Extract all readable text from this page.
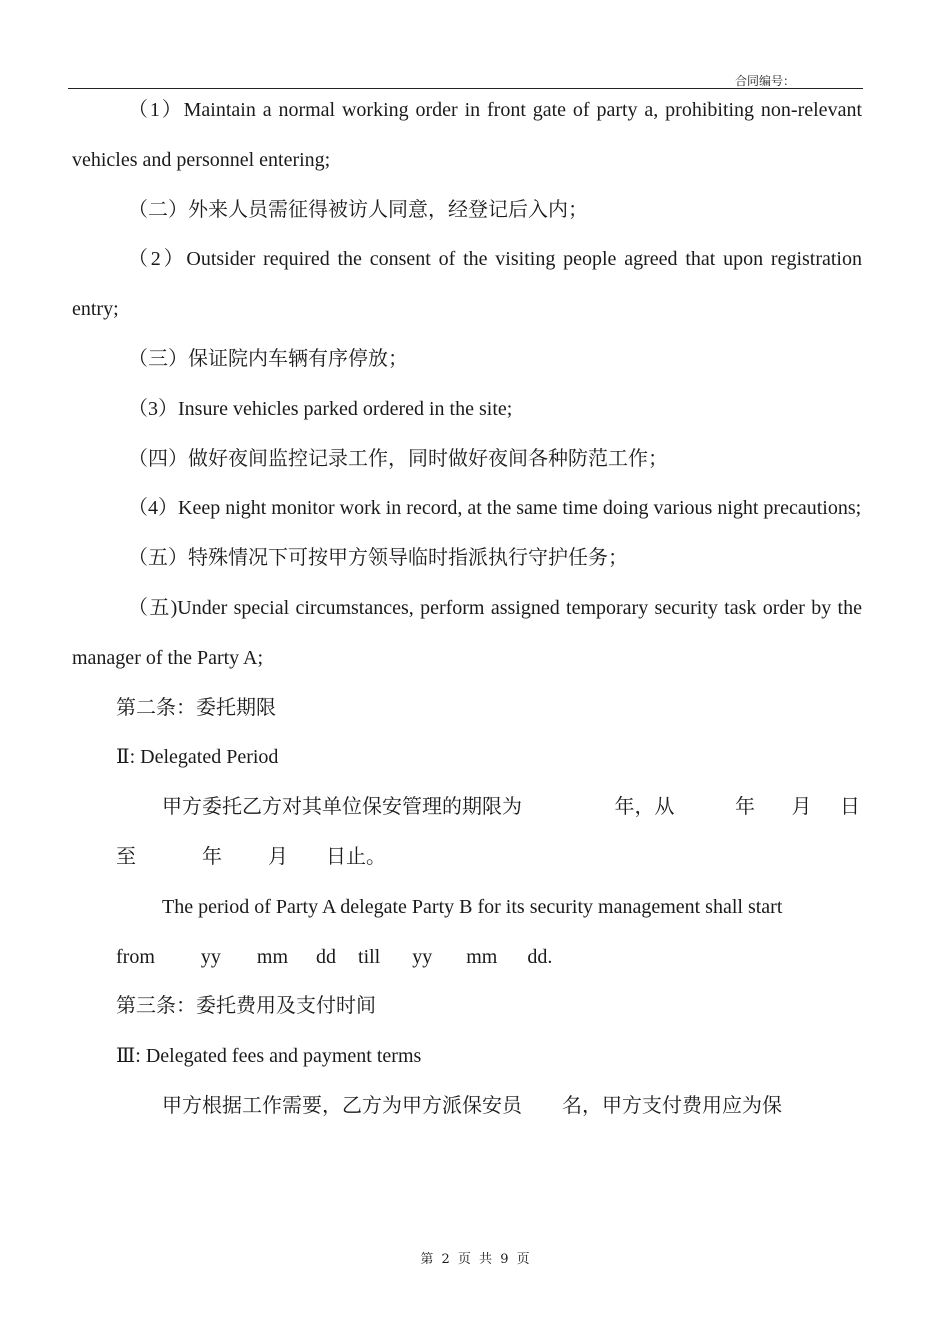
合同编号：

（1）Maintain a normal working order in front gate of party a, prohibiting non-relevant vehicles and personnel entering;

（二）外来人员需征得被访人同意，经登记后入内；

（2）Outsider required the consent of the visiting people agreed that upon registration entry;

（三）保证院内车辆有序停放；

（3）Insure vehicles parked ordered in the site;

（四）做好夜间监控记录工作，同时做好夜间各种防范工作；

（4）Keep night monitor work in record, at the same time doing various night precautions;

（五）特殊情况下可按甲方领导临时指派执行守护任务；

（五)Under special circumstances, perform assigned temporary security task order by the manager of the Party A;

第二条：委托期限

Ⅱ: Delegated Period

甲方委托乙方对其单位保安管理的期限为	年，从	年 月 日
至	年 月 日止。

The period of Party A delegate Party B for its security management shall start

from yy mm dd till yy mm dd.

第三条：委托费用及支付时间

Ⅲ: Delegated fees and payment terms

甲方根据工作需要，乙方为甲方派保安员　　名，甲方支付费用应为保

第 2 页 共 9 页
